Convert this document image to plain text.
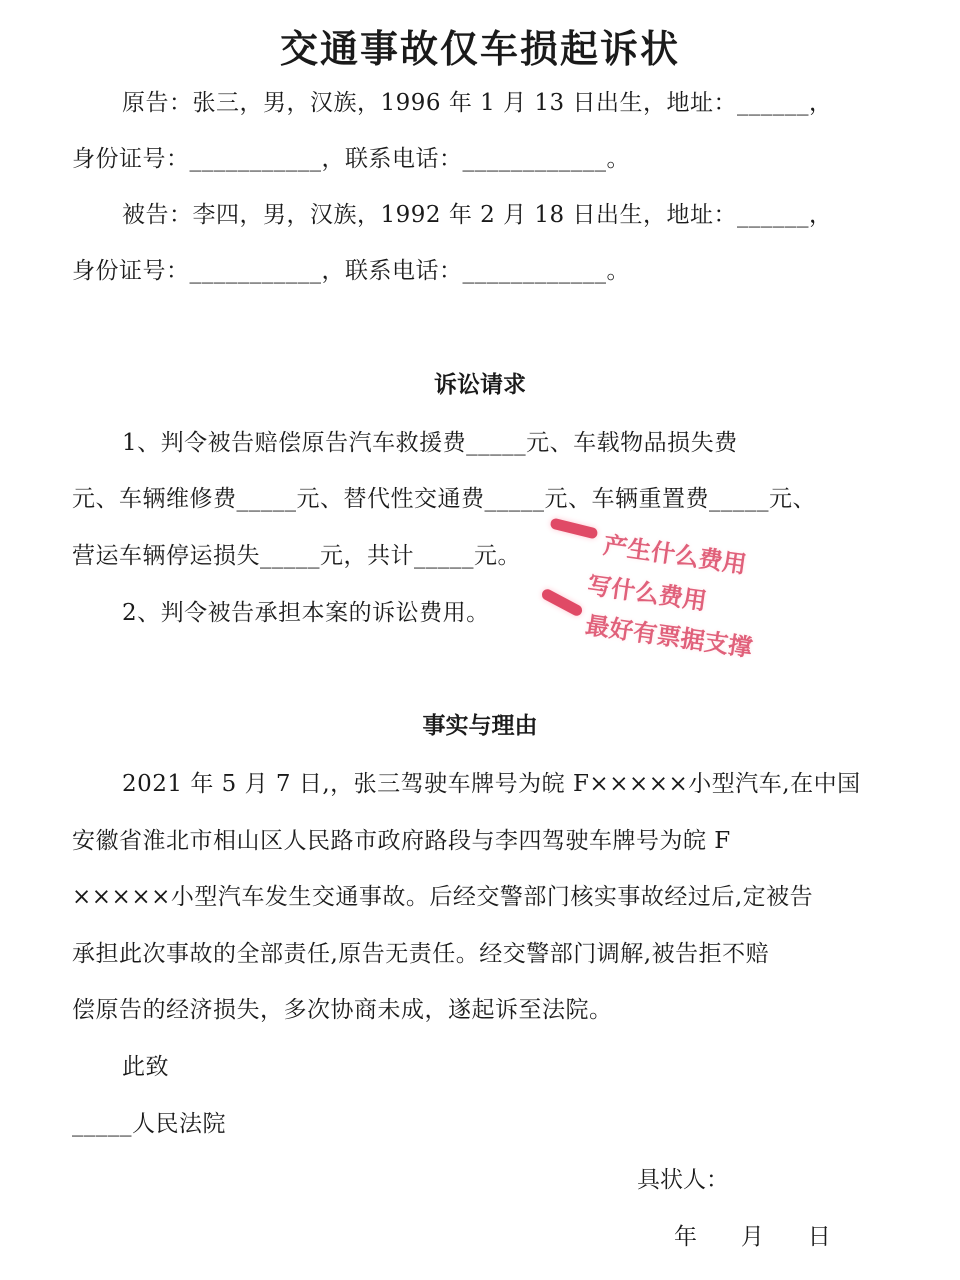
交通事故仅车损起诉状
原告：张三，男，汉族，1996 年 1 月 13 日出生，地址：______，
身份证号：___________，联系电话：____________。
被告：李四，男，汉族，1992 年 2 月 18 日出生，地址：______，
身份证号：___________，联系电话：____________。
诉讼请求
1、判令被告赔偿原告汽车救援费_____元、车载物品损失费
元、车辆维修费_____元、替代性交通费_____元、车辆重置费_____元、
营运车辆停运损失_____元，共计_____元。
2、判令被告承担本案的诉讼费用。
产生什么费用
写什么费用
最好有票据支撑
事实与理由
2021 年 5 月 7 日,，张三驾驶车牌号为皖 F×××××小型汽车,在中国
安徽省淮北市相山区人民路市政府路段与李四驾驶车牌号为皖 F
×××××小型汽车发生交通事故。后经交警部门核实事故经过后,定被告
承担此次事故的全部责任,原告无责任。经交警部门调解,被告拒不赔
偿原告的经济损失，多次协商未成，遂起诉至法院。
此致
_____人民法院
具状人：
年      月      日
